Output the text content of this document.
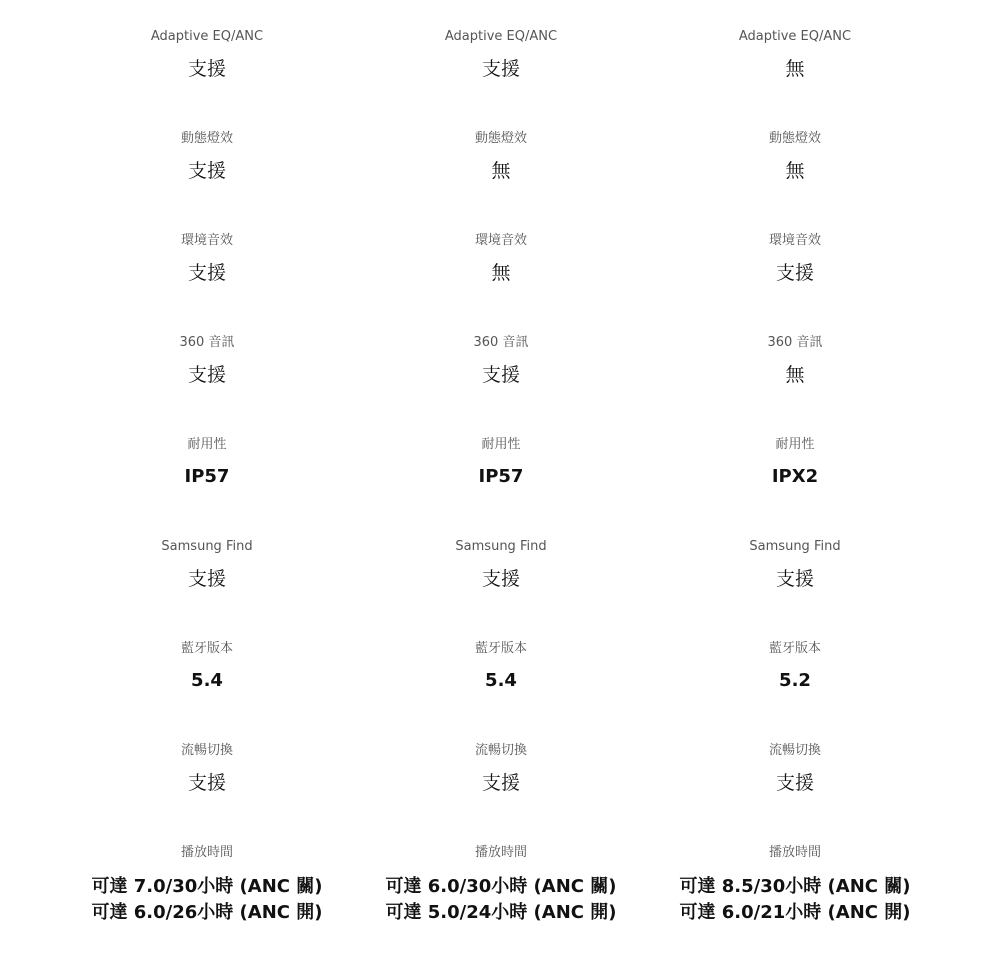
Adaptive EQ/ANC
支援
動態燈效
支援
環境音效
支援
360 音訊
支援
耐用性
IP57
Samsung Find
支援
藍牙版本
5.4
流暢切換
支援
播放時間
可達 7.0/30小時 (ANC 關)
可達 6.0/26小時 (ANC 開)
Adaptive EQ/ANC
支援
動態燈效
無
環境音效
無
360 音訊
支援
耐用性
IP57
Samsung Find
支援
藍牙版本
5.4
流暢切換
支援
播放時間
可達 6.0/30小時 (ANC 關)
可達 5.0/24小時 (ANC 開)
Adaptive EQ/ANC
無
動態燈效
無
環境音效
支援
360 音訊
無
耐用性
IPX2
Samsung Find
支援
藍牙版本
5.2
流暢切換
支援
播放時間
可達 8.5/30小時 (ANC 關)
可達 6.0/21小時 (ANC 開)
